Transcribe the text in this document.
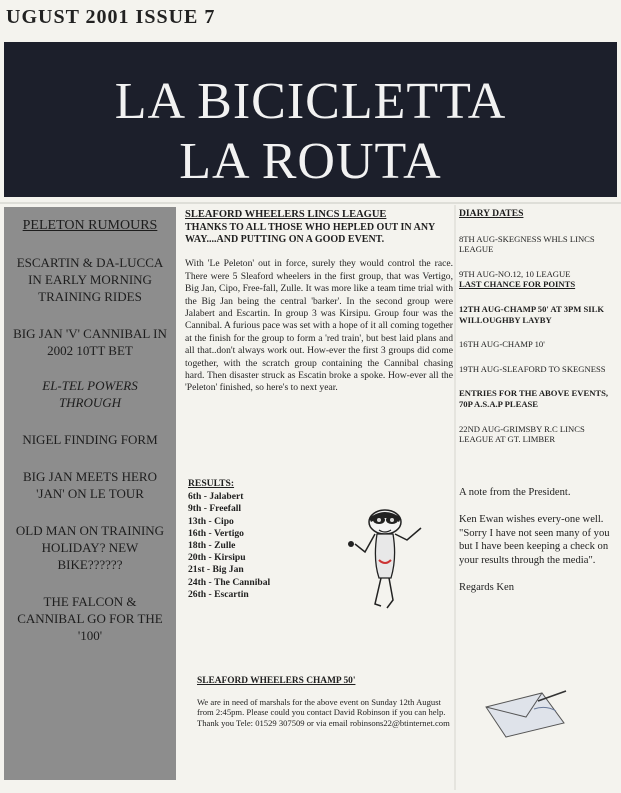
UGUST 2001 ISSUE 7
LA BICICLETTA
LA ROUTA
PELETON RUMOURS
ESCARTIN & DA-LUCCA IN EARLY MORNING TRAINING RIDES
BIG JAN 'V' CANNIBAL IN 2002 10TT BET
EL-TEL POWERS THROUGH
NIGEL FINDING FORM
BIG JAN MEETS HERO 'JAN' ON LE TOUR
OLD MAN ON TRAINING HOLIDAY? NEW BIKE??????
THE FALCON & CANNIBAL GO FOR THE '100'
SLEAFORD WHEELERS LINCS LEAGUE
THANKS TO ALL THOSE WHO HEPLED OUT IN ANY WAY....AND PUTTING ON A GOOD EVENT.
With 'Le Peleton' out in force, surely they would control the race. There were 5 Sleaford wheelers in the first group, that was Vertigo, Big Jan, Cipo, Free-fall, Zulle. It was more like a team time trial with the Big Jan being the central 'barker'. In the second group were Jalabert and Escartin. In group 3 was Kirsipu. Group four was the Cannibal. A furious pace was set with a hope of it all coming together at the finish for the group to form a 'red train', but best laid plans and all that..don't always work out. How-ever the first 3 groups did come together, with the scratch group containing the Cannibal chasing hard. Then disaster struck as Escatin broke a spoke. How-ever all the 'Peleton' finished, so here's to next year.
RESULTS:
6th - Jalabert
9th - Freefall
13th - Cipo
16th - Vertigo
18th - Zulle
20th - Kirsipu
21st - Big Jan
24th - The Cannibal
26th - Escartin
SLEAFORD WHEELERS CHAMP 50'
We are in need of marshals for the above event on Sunday 12th August from 2:45pm. Please could you contact David Robinson if you can help. Thank you Tele: 01529 307509 or via email robinsons22@btinternet.com
DIARY DATES
8TH AUG-SKEGNESS WHLS LINCS LEAGUE
9TH AUG-NO.12, 10 LEAGUE
LAST CHANCE FOR POINTS
12TH AUG-CHAMP 50' AT 3PM SILK WILLOUGHBY LAYBY
16TH AUG-CHAMP 10'
19TH AUG-SLEAFORD TO SKEGNESS
ENTRIES FOR THE ABOVE EVENTS, 70P A.S.A.P PLEASE
22ND AUG-GRIMSBY R.C LINCS LEAGUE AT GT. LIMBER
A note from the President.
Ken Ewan wishes every-one well. "Sorry I have not seen many of you but I have been keeping a check on your results through the media".
Regards Ken
